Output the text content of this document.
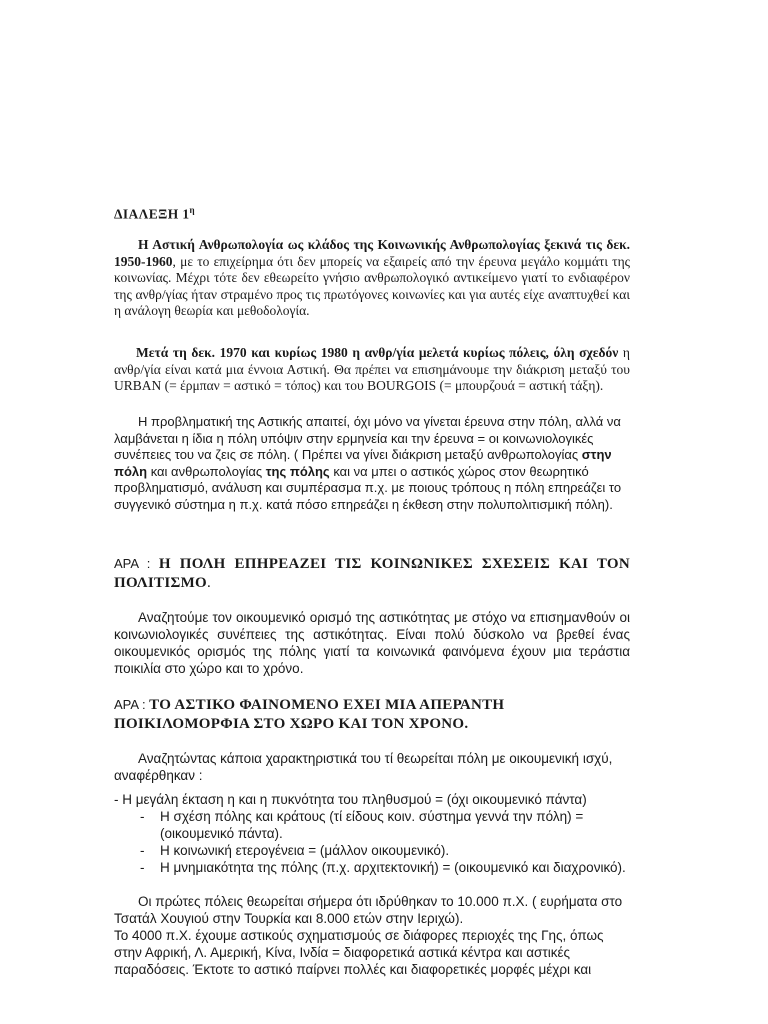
ΔΙΑΛΕΞΗ $1^\eta$

Η Αστική Ανθρωπολογία ως κλάδος της Κοινωνικής Ανθρωπολογίας ξεκινά τις δεκ. 1950-1960, με το επιχείρημα ότι δεν μπορείς να εξαιρείς από την έρευνα μεγάλο κομμάτι της κοινωνίας. Μέχρι τότε δεν εθεωρείτο γνήσιο ανθρωπολογικό αντικείμενο γιατί το ενδιαφέρον της ανθρ/γίας ήταν στραμένο προς τις πρωτόγονες κοινωνίες και για αυτές είχε αναπτυχθεί και η ανάλογη θεωρία και μεθοδολογία.

Μετά τη δεκ. 1970 και κυρίως 1980 η ανθρ/γία μελετά κυρίως πόλεις, όλη σχεδόν η ανθρ/γία είναι κατά μια έννοια Αστική. Θα πρέπει να επισημάνουμε την διάκριση μεταξύ του URBAN (= έρμπαν = αστικό = τόπος) και του BOURGOIS (= μπουρζουά = αστική τάξη).

Η προβληματική της Αστικής απαιτεί, όχι μόνο να γίνεται έρευνα στην πόλη, αλλά να λαμβάνεται η ίδια η πόλη υπόψιν στην ερμηνεία και την έρευνα = οι κοινωνιολογικές συνέπειες του να ζεις σε πόλη. ( Πρέπει να γίνει διάκριση μεταξύ ανθρωπολογίας στην πόλη και ανθρωπολογίας της πόλης και να μπει ο αστικός χώρος στον θεωρητικό προβληματισμό, ανάλυση και συμπέρασμα π.χ. με ποιους τρόπους η πόλη επηρεάζει το συγγενικό σύστημα η π.χ. κατά πόσο επηρεάζει η έκθεση στην πολυπολιτισμική πόλη).

ΑΡΑ : Η ΠΟΛΗ ΕΠΗΡΕΑΖΕΙ ΤΙΣ ΚΟΙΝΩΝΙΚΕΣ ΣΧΕΣΕΙΣ ΚΑΙ ΤΟΝ ΠΟΛΙΤΙΣΜΟ.

Αναζητούμε τον οικουμενικό ορισμό της αστικότητας με στόχο να επισημανθούν οι κοινωνιολογικές συνέπειες της αστικότητας. Είναι πολύ δύσκολο να βρεθεί ένας οικουμενικός ορισμός της πόλης γιατί τα κοινωνικά φαινόμενα έχουν μια τεράστια ποικιλία στο χώρο και το χρόνο.

ΑΡΑ : ΤΟ ΑΣΤΙΚΟ ΦΑΙΝΟΜΕΝΟ ΕΧΕΙ ΜΙΑ ΑΠΕΡΑΝΤΗ ΠΟΙΚΙΛΟΜΟΡΦΙΑ ΣΤΟ ΧΩΡΟ ΚΑΙ ΤΟΝ ΧΡΟΝΟ.

Αναζητώντας κάποια χαρακτηριστικά του τί θεωρείται πόλη με οικουμενική ισχύ, αναφέρθηκαν :

- Η μεγάλη έκταση η και η πυκνότητα του πληθυσμού = (όχι οικουμενικό πάντα)
- Η σχέση πόλης και κράτους (τί είδους κοιν. σύστημα γεννά την πόλη) = (οικουμενικό πάντα).
- Η κοινωνική ετερογένεια = (μάλλον οικουμενικό).
- Η μνημιακότητα της πόλης (π.χ. αρχιτεκτονική) = (οικουμενικό και διαχρονικό).

Οι πρώτες πόλεις θεωρείται σήμερα ότι ιδρύθηκαν το 10.000 π.Χ. ( ευρήματα στο Τσατάλ Χουγιού στην Τουρκία και 8.000 ετών στην Ιεριχώ).

Το 4000 π.Χ. έχουμε αστικούς σχηματισμούς σε διάφορες περιοχές της Γης, όπως στην Αφρική, Λ. Αμερική, Κίνα, Ινδία = διαφορετικά αστικά κέντρα και αστικές παραδόσεις. Έκτοτε το αστικό παίρνει πολλές και διαφορετικές μορφές μέχρι και
